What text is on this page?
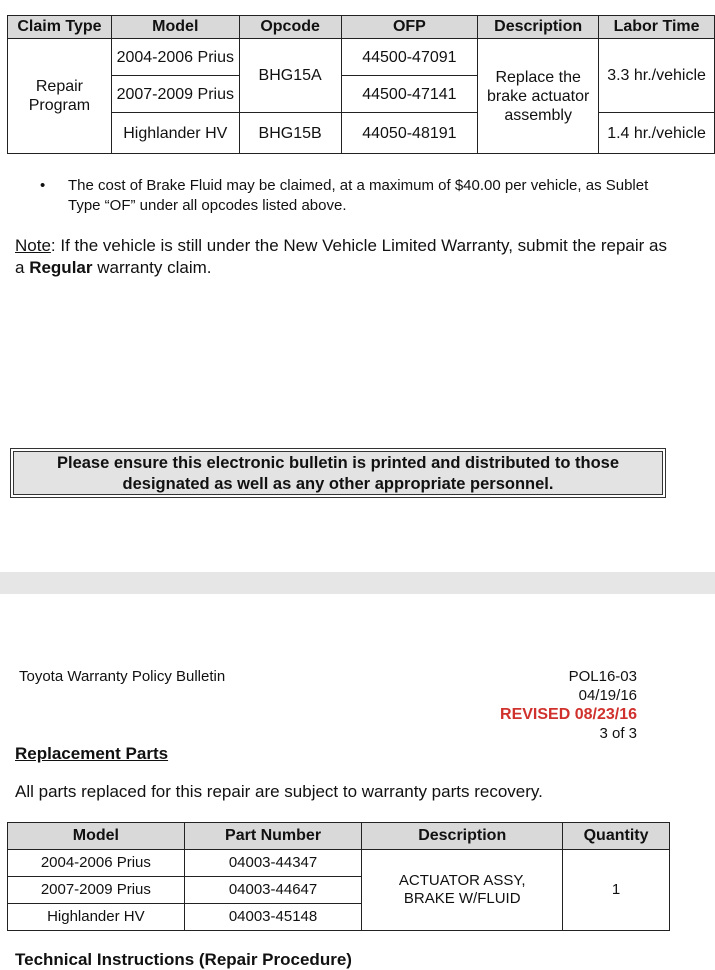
Claim Type	Model	Opcode	OFP	Description	Labor Time
Repair Program	2004-2006 Prius	BHG15A	44500-47091	Replace the brake actuator assembly	3.3 hr./vehicle
	2007-2009 Prius		44500-47141		
	Highlander HV	BHG15B	44050-48191		1.4 hr./vehicle
• The cost of Brake Fluid may be claimed, at a maximum of $40.00 per vehicle, as Sublet Type “OF” under all opcodes listed above.
Note: If the vehicle is still under the New Vehicle Limited Warranty, submit the repair as a Regular warranty claim.
Please ensure this electronic bulletin is printed and distributed to those designated as well as any other appropriate personnel.
Toyota Warranty Policy Bulletin	POL16-03
04/19/16
REVISED 08/23/16
3 of 3
Replacement Parts
All parts replaced for this repair are subject to warranty parts recovery.
Model	Part Number	Description	Quantity
2004-2006 Prius	04003-44347	ACTUATOR ASSY, BRAKE W/FLUID	1
2007-2009 Prius	04003-44647		
Highlander HV	04003-45148		
Technical Instructions (Repair Procedure)
